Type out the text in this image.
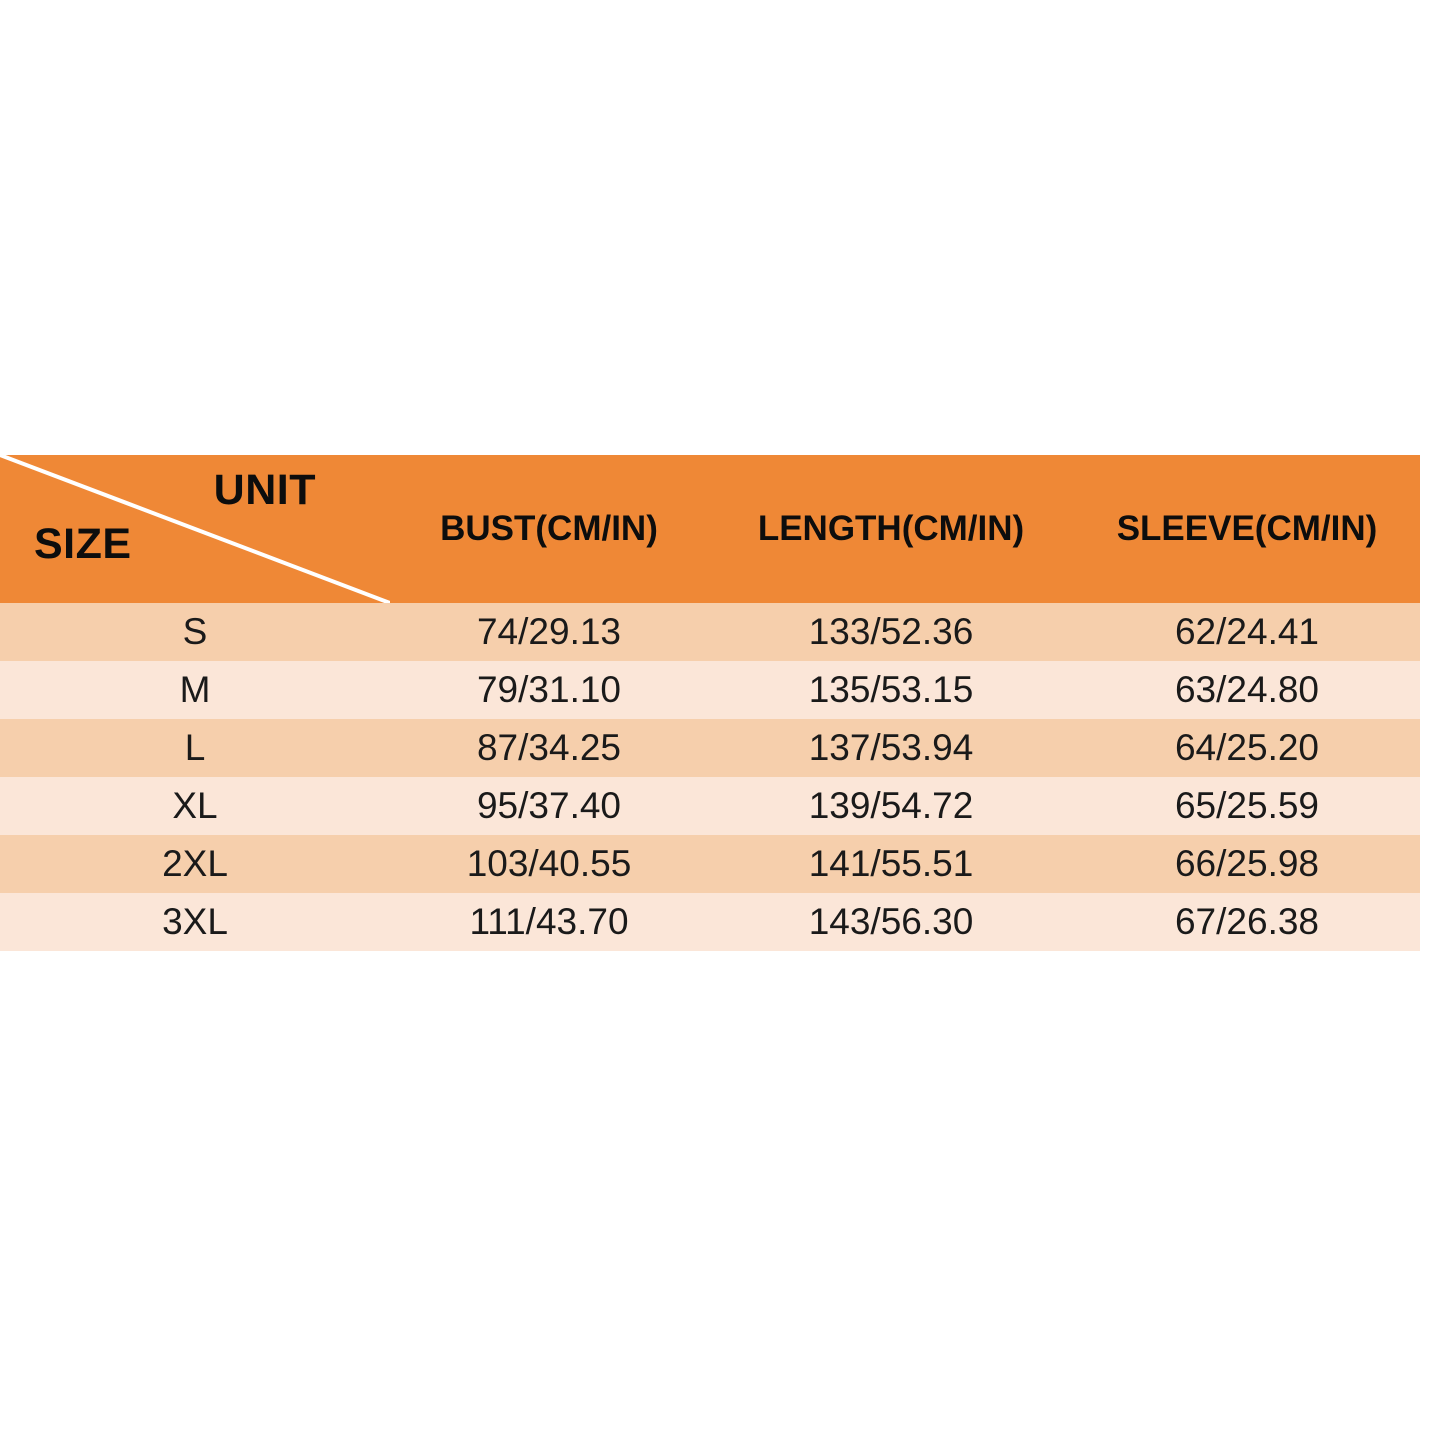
UNIT
SIZE	BUST(CM/IN)	LENGTH(CM/IN)	SLEEVE(CM/IN)
S	74/29.13	133/52.36	62/24.41
M	79/31.10	135/53.15	63/24.80
L	87/34.25	137/53.94	64/25.20
XL	95/37.40	139/54.72	65/25.59
2XL	103/40.55	141/55.51	66/25.98
3XL	111/43.70	143/56.30	67/26.38
